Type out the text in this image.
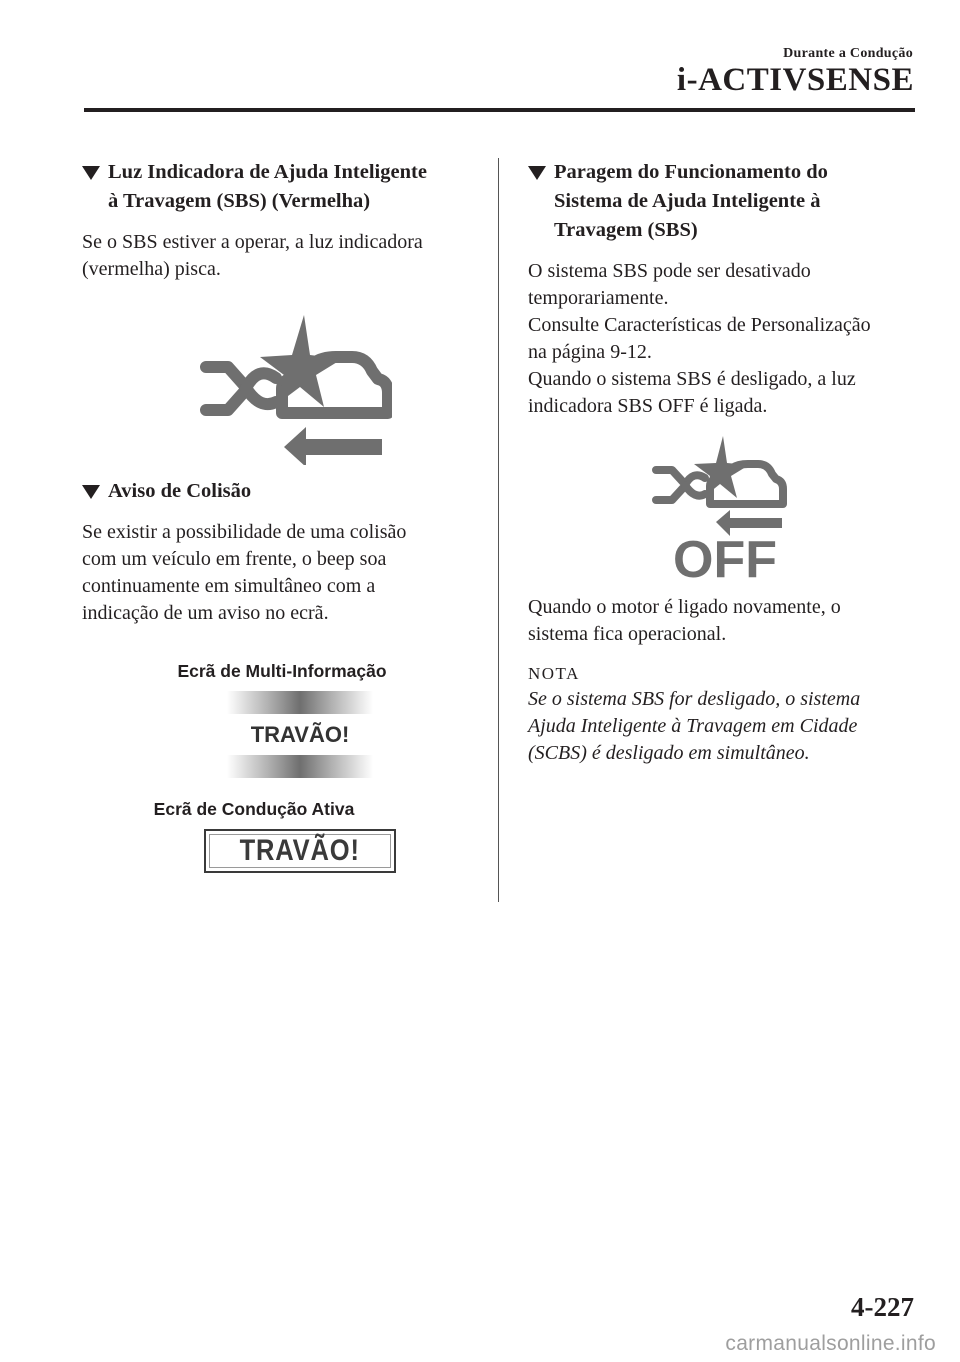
Durante a Condução
i-ACTIVSENSE
Luz Indicadora de Ajuda Inteligente
à Travagem (SBS) (Vermelha)
Se o SBS estiver a operar, a luz indicadora
(vermelha) pisca.
Aviso de Colisão
Se existir a possibilidade de uma colisão
com um veículo em frente, o beep soa
continuamente em simultâneo com a
indicação de um aviso no ecrã.
Ecrã de Multi-Informação
TRAVÃO!
Ecrã de Condução Ativa
TRAVÃO!
Paragem do Funcionamento do
Sistema de Ajuda Inteligente à
Travagem (SBS)
O sistema SBS pode ser desativado
temporariamente.
Consulte Características de Personalização
na página 9-12.
Quando o sistema SBS é desligado, a luz
indicadora SBS OFF é ligada.
OFF
Quando o motor é ligado novamente, o
sistema fica operacional.
NOTA
Se o sistema SBS for desligado, o sistema
Ajuda Inteligente à Travagem em Cidade
(SCBS) é desligado em simultâneo.
4-227
carmanualsonline.info
